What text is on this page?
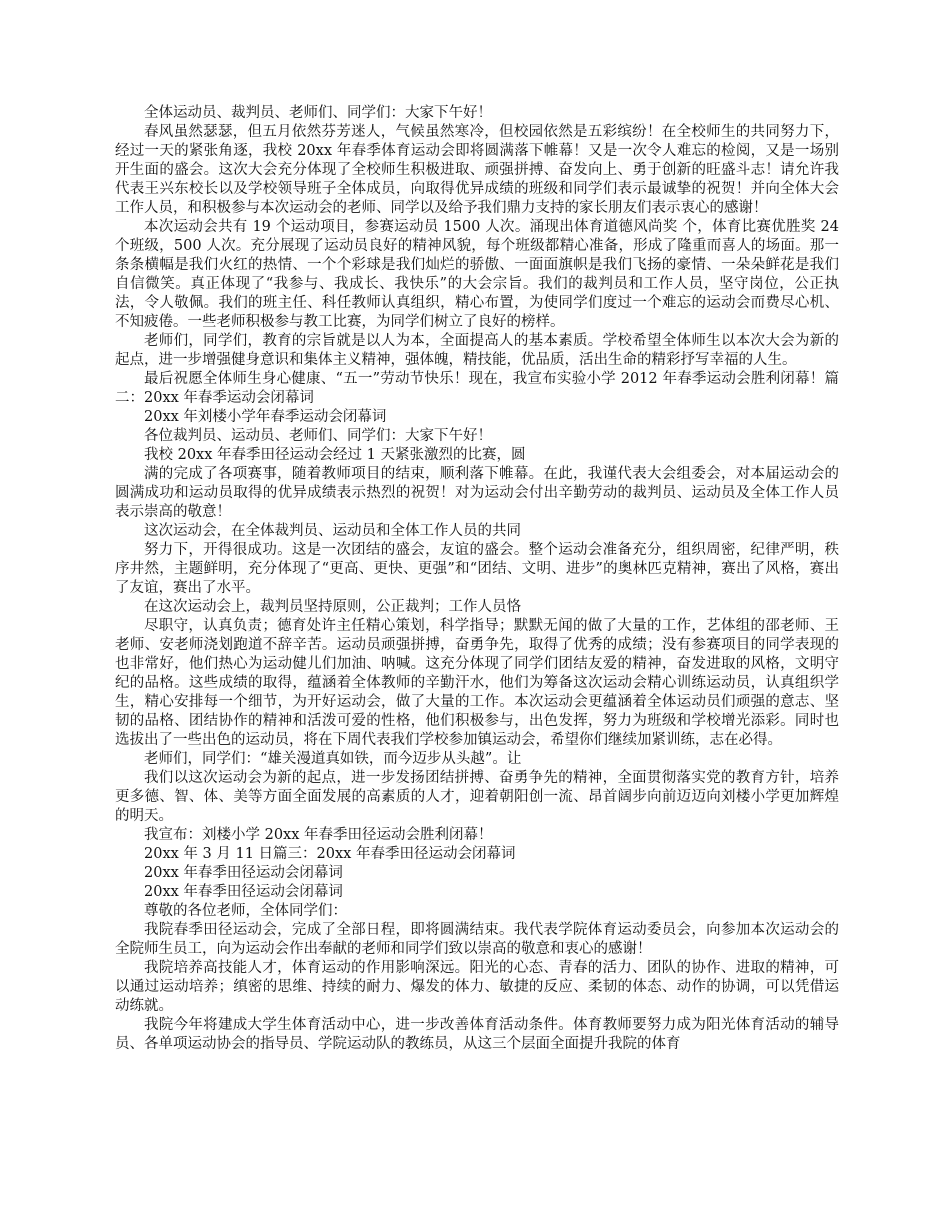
全体运动员、裁判员、老师们、同学们：大家下午好！

春风虽然瑟瑟，但五月依然芬芳迷人，气候虽然寒冷，但校园依然是五彩缤纷！在全校师生的共同努力下，经过一天的紧张角逐，我校 20xx 年春季体育运动会即将圆满落下帷幕！又是一次令人难忘的检阅，又是一场别开生面的盛会。这次大会充分体现了全校师生积极进取、顽强拼搏、奋发向上、勇于创新的旺盛斗志！请允许我代表王兴东校长以及学校领导班子全体成员，向取得优异成绩的班级和同学们表示最诚挚的祝贺！并向全体大会工作人员，和积极参与本次运动会的老师、同学以及给予我们鼎力支持的家长朋友们表示衷心的感谢！

本次运动会共有 19 个运动项目，参赛运动员 1500 人次。涌现出体育道德风尚奖 个，体育比赛优胜奖 24 个班级，500 人次。充分展现了运动员良好的精神风貌，每个班级都精心准备，形成了隆重而喜人的场面。那一条条横幅是我们火红的热情、一个个彩球是我们灿烂的骄傲、一面面旗帜是我们飞扬的豪情、一朵朵鲜花是我们自信微笑。真正体现了“我参与、我成长、我快乐”的大会宗旨。我们的裁判员和工作人员，坚守岗位，公正执法，令人敬佩。我们的班主任、科任教师认真组织，精心布置，为使同学们度过一个难忘的运动会而费尽心机、不知疲倦。一些老师积极参与教工比赛，为同学们树立了良好的榜样。

老师们，同学们，教育的宗旨就是以人为本，全面提高人的基本素质。学校希望全体师生以本次大会为新的起点，进一步增强健身意识和集体主义精神，强体魄，精技能，优品质，活出生命的精彩抒写幸福的人生。

最后祝愿全体师生身心健康、“五一”劳动节快乐！现在，我宣布实验小学 2012 年春季运动会胜利闭幕！篇二：20xx 年春季运动会闭幕词

20xx 年刘楼小学年春季运动会闭幕词

各位裁判员、运动员、老师们、同学们：大家下午好！

我校 20xx 年春季田径运动会经过 1 天紧张激烈的比赛，圆

满的完成了各项赛事，随着教师项目的结束，顺利落下帷幕。在此，我谨代表大会组委会，对本届运动会的圆满成功和运动员取得的优异成绩表示热烈的祝贺！对为运动会付出辛勤劳动的裁判员、运动员及全体工作人员表示崇高的敬意！

这次运动会，在全体裁判员、运动员和全体工作人员的共同

努力下，开得很成功。这是一次团结的盛会，友谊的盛会。整个运动会准备充分，组织周密，纪律严明，秩序井然，主题鲜明，充分体现了“更高、更快、更强”和“团结、文明、进步”的奥林匹克精神，赛出了风格，赛出了友谊，赛出了水平。

在这次运动会上，裁判员坚持原则，公正裁判；工作人员恪

尽职守，认真负责；德育处许主任精心策划，科学指导；默默无闻的做了大量的工作，艺体组的邵老师、王老师、安老师浇划跑道不辞辛苦。运动员顽强拼搏，奋勇争先，取得了优秀的成绩；没有参赛项目的同学表现的也非常好，他们热心为运动健儿们加油、呐喊。这充分体现了同学们团结友爱的精神，奋发进取的风格，文明守纪的品格。这些成绩的取得，蕴涵着全体教师的辛勤汗水，他们为筹备这次运动会精心训练运动员，认真组织学生，精心安排每一个细节，为开好运动会，做了大量的工作。本次运动会更蕴涵着全体运动员们顽强的意志、坚韧的品格、团结协作的精神和活泼可爱的性格，他们积极参与，出色发挥，努力为班级和学校增光添彩。同时也选拔出了一些出色的运动员，将在下周代表我们学校参加镇运动会，希望你们继续加紧训练，志在必得。

老师们，同学们：“雄关漫道真如铁，而今迈步从头越”。让

我们以这次运动会为新的起点，进一步发扬团结拼搏、奋勇争先的精神，全面贯彻落实党的教育方针，培养更多德、智、体、美等方面全面发展的高素质的人才，迎着朝阳创一流、昂首阔步向前迈迈向刘楼小学更加辉煌的明天。

我宣布：刘楼小学 20xx 年春季田径运动会胜利闭幕！

20xx 年 3 月 11 日篇三：20xx 年春季田径运动会闭幕词

20xx 年春季田径运动会闭幕词

20xx 年春季田径运动会闭幕词

尊敬的各位老师，全体同学们：

我院春季田径运动会，完成了全部日程，即将圆满结束。我代表学院体育运动委员会，向参加本次运动会的全院师生员工，向为运动会作出奉献的老师和同学们致以崇高的敬意和衷心的感谢！

我院培养高技能人才，体育运动的作用影响深远。阳光的心态、青春的活力、团队的协作、进取的精神，可以通过运动培养；缜密的思维、持续的耐力、爆发的体力、敏捷的反应、柔韧的体态、动作的协调，可以凭借运动练就。

我院今年将建成大学生体育活动中心，进一步改善体育活动条件。体育教师要努力成为阳光体育活动的辅导员、各单项运动协会的指导员、学院运动队的教练员，从这三个层面全面提升我院的体育
